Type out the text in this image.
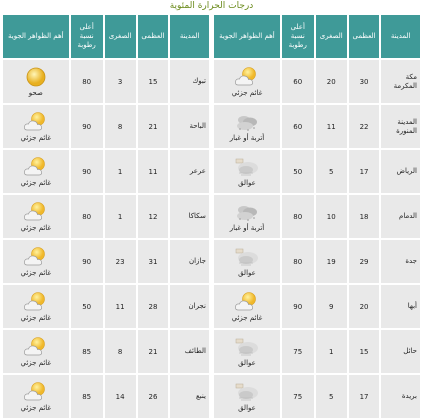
درجات الحرارة المئوية
المدينة	العظمى	الصغرى	أعلى نسبة رطوبة	أهم الظواهر الجوية		المدينة	العظمى	الصغرى	أعلى نسبة رطوبة	أهم الظواهر الجوية
مكة المكرمة	30	20	60	غائم جزئي		تبوك	15	3	80	صحو

المدينة المنورة	22	11	60	أتربة أو غبار		الباحة	21	8	90	غائم جزئي

الرياض	17	5	50	عوالق		عرعر	11	1	90	غائم جزئي

الدمام	18	10	80	أتربة أو غبار		سكاكا	12	1	80	غائم جزئي

جدة	29	19	80	عوالق		جازان	31	23	90	غائم جزئي

أبها	20	9	90	غائم جزئي		نجران	28	11	50	غائم جزئي

حائل	15	1	75	عوالق		الطائف	21	8	85	غائم جزئي

بريدة	17	5	75	عوالق		ينبع	26	14	85	غائم جزئي
